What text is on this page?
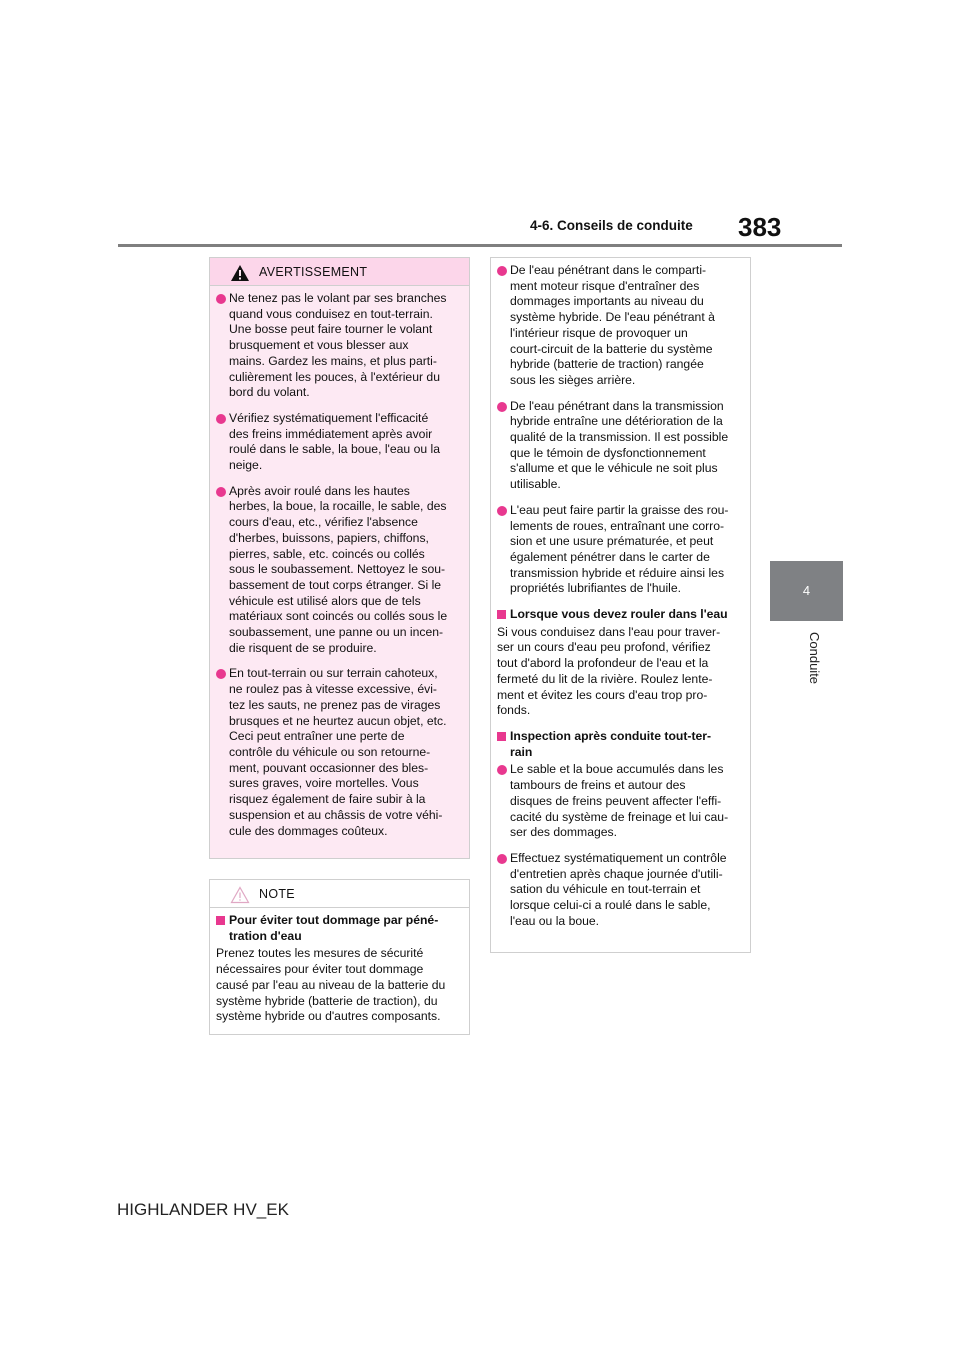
4-6. Conseils de conduite 383
4
Conduite
AVERTISSEMENT
Ne tenez pas le volant par ses branches
quand vous conduisez en tout-terrain.
Une bosse peut faire tourner le volant
brusquement et vous blesser aux
mains. Gardez les mains, et plus parti-
culièrement les pouces, à l'extérieur du
bord du volant.
Vérifiez systématiquement l'efficacité
des freins immédiatement après avoir
roulé dans le sable, la boue, l'eau ou la
neige.
Après avoir roulé dans les hautes
herbes, la boue, la rocaille, le sable, des
cours d'eau, etc., vérifiez l'absence
d'herbes, buissons, papiers, chiffons,
pierres, sable, etc. coincés ou collés
sous le soubassement. Nettoyez le sou-
bassement de tout corps étranger. Si le
véhicule est utilisé alors que de tels
matériaux sont coincés ou collés sous le
soubassement, une panne ou un incen-
die risquent de se produire.
En tout-terrain ou sur terrain cahoteux,
ne roulez pas à vitesse excessive, évi-
tez les sauts, ne prenez pas de virages
brusques et ne heurtez aucun objet, etc.
Ceci peut entraîner une perte de
contrôle du véhicule ou son retourne-
ment, pouvant occasionner des bles-
sures graves, voire mortelles. Vous
risquez également de faire subir à la
suspension et au châssis de votre véhi-
cule des dommages coûteux.
NOTE
Pour éviter tout dommage par péné-
tration d'eau
Prenez toutes les mesures de sécurité
nécessaires pour éviter tout dommage
causé par l'eau au niveau de la batterie du
système hybride (batterie de traction), du
système hybride ou d'autres composants.
De l'eau pénétrant dans le comparti-
ment moteur risque d'entraîner des
dommages importants au niveau du
système hybride. De l'eau pénétrant à
l'intérieur risque de provoquer un
court-circuit de la batterie du système
hybride (batterie de traction) rangée
sous les sièges arrière.
De l'eau pénétrant dans la transmission
hybride entraîne une détérioration de la
qualité de la transmission. Il est possible
que le témoin de dysfonctionnement
s'allume et que le véhicule ne soit plus
utilisable.
L'eau peut faire partir la graisse des rou-
lements de roues, entraînant une corro-
sion et une usure prématurée, et peut
également pénétrer dans le carter de
transmission hybride et réduire ainsi les
propriétés lubrifiantes de l'huile.
Lorsque vous devez rouler dans l'eau
Si vous conduisez dans l'eau pour traver-
ser un cours d'eau peu profond, vérifiez
tout d'abord la profondeur de l'eau et la
fermeté du lit de la rivière. Roulez lente-
ment et évitez les cours d'eau trop pro-
fonds.
Inspection après conduite tout-ter-
rain
Le sable et la boue accumulés dans les
tambours de freins et autour des
disques de freins peuvent affecter l'effi-
cacité du système de freinage et lui cau-
ser des dommages.
Effectuez systématiquement un contrôle
d'entretien après chaque journée d'utili-
sation du véhicule en tout-terrain et
lorsque celui-ci a roulé dans le sable,
l'eau ou la boue.
HIGHLANDER HV_EK
